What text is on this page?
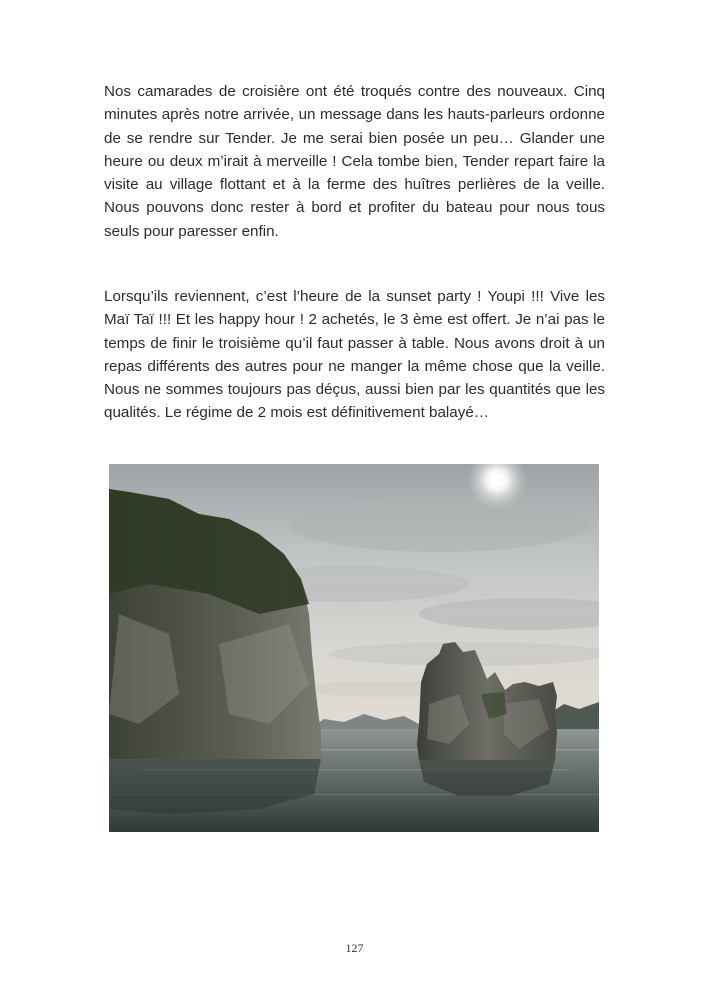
Nos camarades de croisière ont été troqués contre des nouveaux. Cinq minutes après notre arrivée, un message dans les hauts-parleurs ordonne de se rendre sur Tender. Je me serai bien posée un peu… Glander une heure ou deux m’irait à merveille ! Cela tombe bien, Tender repart faire la visite au village flottant et à la ferme des huîtres perlières de la veille. Nous pouvons donc rester à bord et profiter du bateau pour nous tous seuls pour paresser enfin.

Lorsqu’ils reviennent, c’est l’heure de la sunset party ! Youpi !!! Vive les Maï Taï !!! Et les happy hour ! 2 achetés, le 3 ème est offert. Je n’ai pas le temps de finir le troisième qu’il faut passer à table. Nous avons droit à un repas différents des autres pour ne manger la même chose que la veille. Nous ne sommes toujours pas déçus, aussi bien par les quantités que les qualités. Le régime de 2 mois est définitivement balayé…

127
